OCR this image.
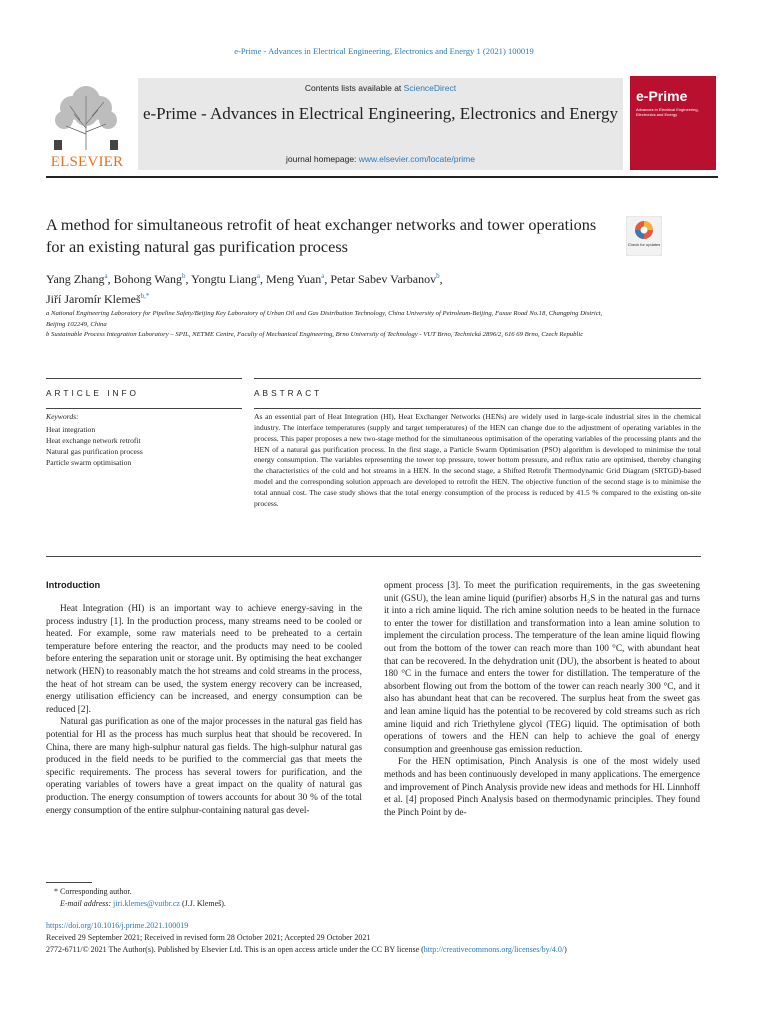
e-Prime - Advances in Electrical Engineering, Electronics and Energy 1 (2021) 100019
ELSEVIER
Contents lists available at ScienceDirect
e-Prime - Advances in Electrical Engineering, Electronics and Energy
journal homepage: www.elsevier.com/locate/prime
e-Prime
Advances in Electrical Engineering, Electronics and Energy
A method for simultaneous retrofit of heat exchanger networks and tower operations for an existing natural gas purification process	Check for updates
Yang Zhang$^a$, Bohong Wang$^b$, Yongtu Liang$^a$, Meng Yuan$^a$, Petar Sabev Varbanov$^b$,
Jiří Jaromír Klemeš$^{b,*}$
a National Engineering Laboratory for Pipeline Safety/Beijing Key Laboratory of Urban Oil and Gas Distribution Technology, China University of Petroleum-Beijing, Fuxue Road No.18, Changping District, Beijing 102249, China
b Sustainable Process Integration Laboratory – SPIL, NETME Centre, Faculty of Mechanical Engineering, Brno University of Technology - VUT Brno, Technická 2896/2, 616 69 Brno, Czech Republic
ARTICLE INFO	ABSTRACT
Keywords:
Heat integration
Heat exchange network retrofit
Natural gas purification process
Particle swarm optimisation
As an essential part of Heat Integration (HI), Heat Exchanger Networks (HENs) are widely used in large-scale industrial sites in the chemical industry. The interface temperatures (supply and target temperatures) of the HEN can change due to the adjustment of operating variables in the process. This paper proposes a new two-stage method for the simultaneous optimisation of the operating variables of the processing plants and the HEN of a natural gas purification process. In the first stage, a Particle Swarm Optimisation (PSO) algorithm is developed to minimise the total energy consumption. The variables representing the tower top pressure, tower bottom pressure, and reflux ratio are optimised, thereby changing the characteristics of the cold and hot streams in a HEN. In the second stage, a Shifted Retrofit Thermodynamic Grid Diagram (SRTGD)-based model and the corresponding solution approach are developed to retrofit the HEN. The objective function of the second stage is to minimise the total annual cost. The case study shows that the total energy consumption of the process is reduced by 41.5 % compared to the existing on-site process.
Introduction

Heat Integration (HI) is an important way to achieve energy-saving in the process industry [1]. In the production process, many streams need to be cooled or heated. For example, some raw materials need to be preheated to a certain temperature before entering the reactor, and the products may need to be cooled before entering the separation unit or storage unit. By optimising the heat exchanger network (HEN) to reasonably match the hot streams and cold streams in the process, the heat of hot stream can be used, the system energy recovery can be increased, energy utilisation efficiency can be increased, and energy consumption can be reduced [2].

Natural gas purification as one of the major processes in the natural gas field has potential for HI as the process has much surplus heat that should be recovered. In China, there are many high-sulphur natural gas fields. The high-sulphur natural gas produced in the field needs to be purified to the commercial gas that meets the specific requirements. The process has several towers for purification, and the operating variables of towers have a great impact on the quality of natural gas production. The energy consumption of towers accounts for about 30 % of the total energy consumption of the entire sulphur-containing natural gas devel-

opment process [3]. To meet the purification requirements, in the gas sweetening unit (GSU), the lean amine liquid (purifier) absorbs H₂S in the natural gas and turns it into a rich amine liquid. The rich amine solution needs to be heated in the furnace to enter the tower for distillation and transformation into a lean amine solution to implement the circulation process. The temperature of the lean amine liquid flowing out from the bottom of the tower can reach more than 100 °C, with abundant heat that can be recovered. In the dehydration unit (DU), the absorbent is heated to about 180 °C in the furnace and enters the tower for distillation. The temperature of the absorbent flowing out from the bottom of the tower can reach nearly 300 °C, and it also has abundant heat that can be recovered. The surplus heat from the sweet gas and lean amine liquid has the potential to be recovered by cold streams such as rich amine liquid and rich Triethylene glycol (TEG) liquid. The optimisation of both operations of towers and the HEN can help to achieve the goal of energy consumption and greenhouse gas emission reduction.

For the HEN optimisation, Pinch Analysis is one of the most widely used methods and has been continuously developed in many applications. The emergence and improvement of Pinch Analysis provide new ideas and methods for HI. Linnhoff et al. [4] proposed Pinch Analysis based on thermodynamic principles. They found the Pinch Point by de-

* Corresponding author.
E-mail address: jiri.klemes@vutbr.cz (J.J. Klemeš).
https://doi.org/10.1016/j.prime.2021.100019
Received 29 September 2021; Received in revised form 28 October 2021; Accepted 29 October 2021
2772-6711/© 2021 The Author(s). Published by Elsevier Ltd. This is an open access article under the CC BY license (http://creativecommons.org/licenses/by/4.0/)
